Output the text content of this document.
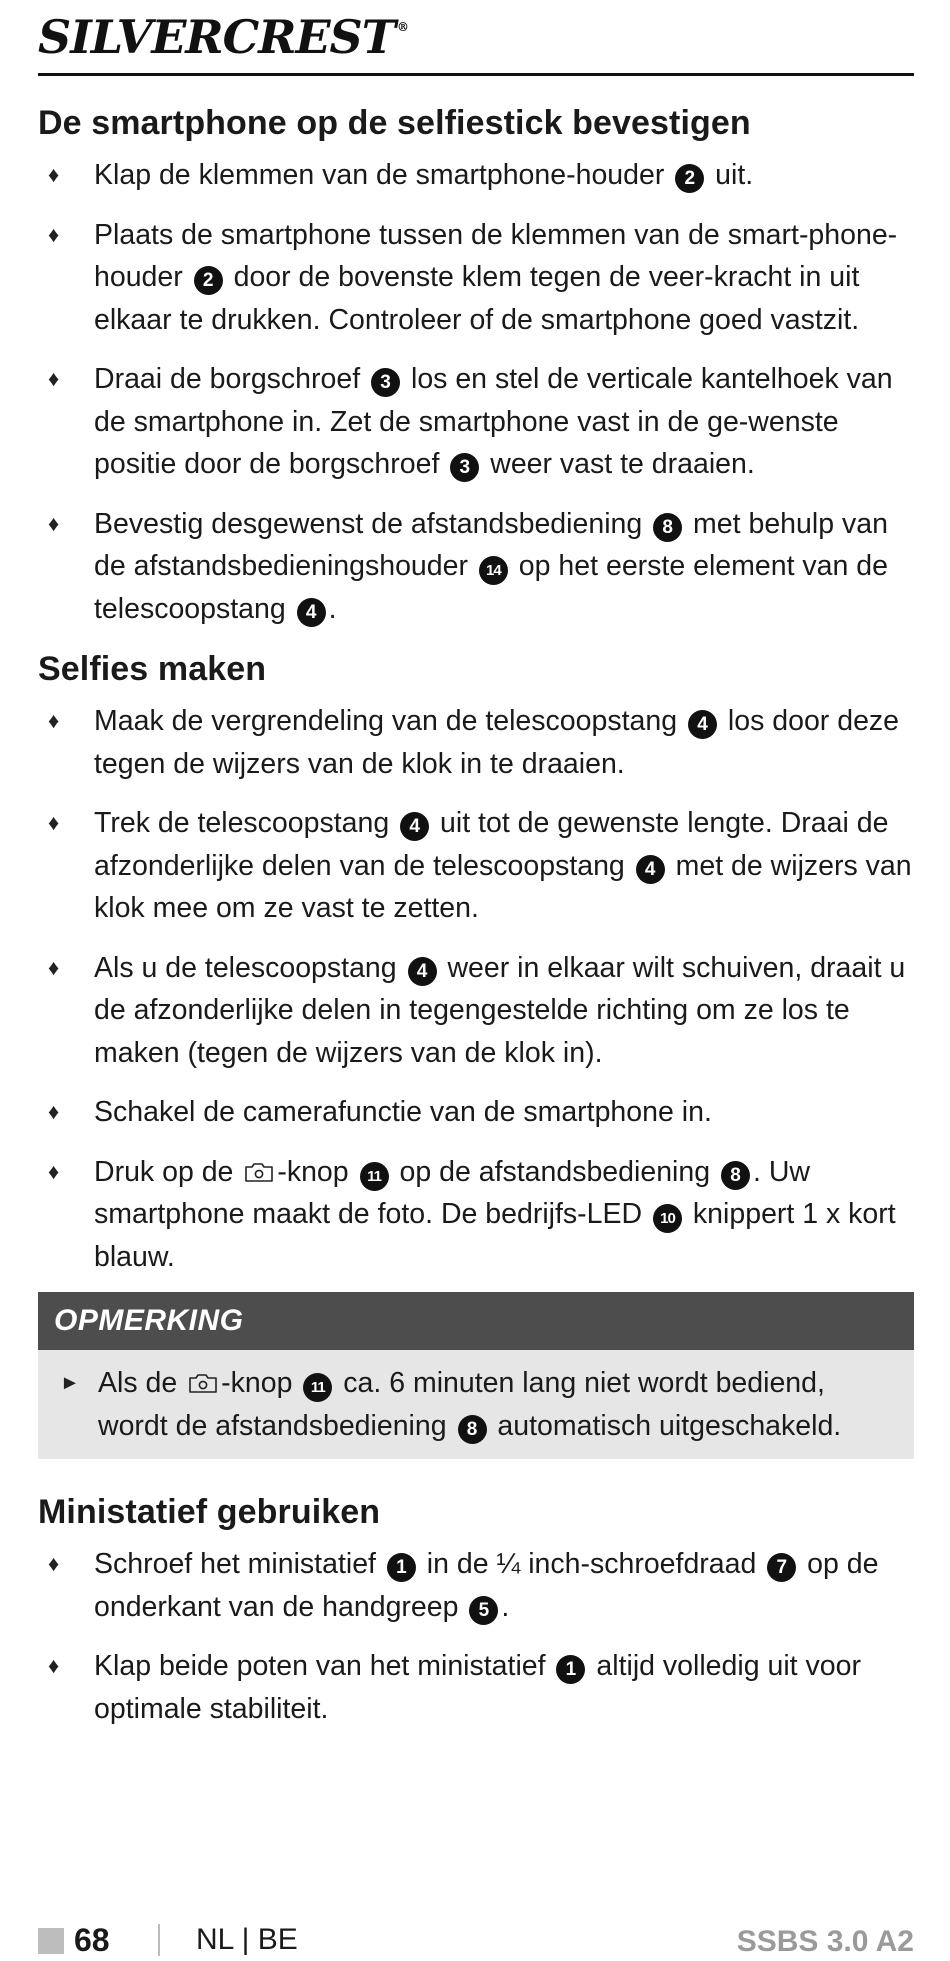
SILVERCREST ®
De smartphone op de selfiestick bevestigen
♦ Klap de klemmen van de smartphone-houder 2 uit.
♦ Plaats de smartphone tussen de klemmen van de smart-phone-houder 2 door de bovenste klem tegen de veer-kracht in uit elkaar te drukken. Controleer of de smartphone goed vastzit.
♦ Draai de borgschroef 3 los en stel de verticale kantelhoek van de smartphone in. Zet de smartphone vast in de ge-wenste positie door de borgschroef 3 weer vast te draaien.
♦ Bevestig desgewenst de afstandsbediening 8 met behulp van de afstandsbedieningshouder 14 op het eerste element van de telescoopstang 4 .
Selfies maken
♦ Maak de vergrendeling van de telescoopstang 4 los door deze tegen de wijzers van de klok in te draaien.
♦ Trek de telescoopstang 4 uit tot de gewenste lengte. Draai de afzonderlijke delen van de telescoopstang 4 met de wijzers van klok mee om ze vast te zetten.
♦ Als u de telescoopstang 4 weer in elkaar wilt schuiven, draait u de afzonderlijke delen in tegengestelde richting om ze los te maken (tegen de wijzers van de klok in).
♦ Schakel de camerafunctie van de smartphone in.
♦ Druk op de -knop 11 op de afstandsbediening 8 . Uw smartphone maakt de foto. De bedrijfs-LED 10 knippert 1 x kort blauw.
OPMERKING
► Als de -knop 11 ca. 6 minuten lang niet wordt bediend, wordt de afstandsbediening 8 automatisch uitgeschakeld.
Ministatief gebruiken
♦ Schroef het ministatief 1 in de ¼ inch-schroefdraad 7 op de onderkant van de handgreep 5 .
♦ Klap beide poten van het ministatief 1 altijd volledig uit voor optimale stabiliteit.
68	NL | BE	SSBS 3.0 A2
